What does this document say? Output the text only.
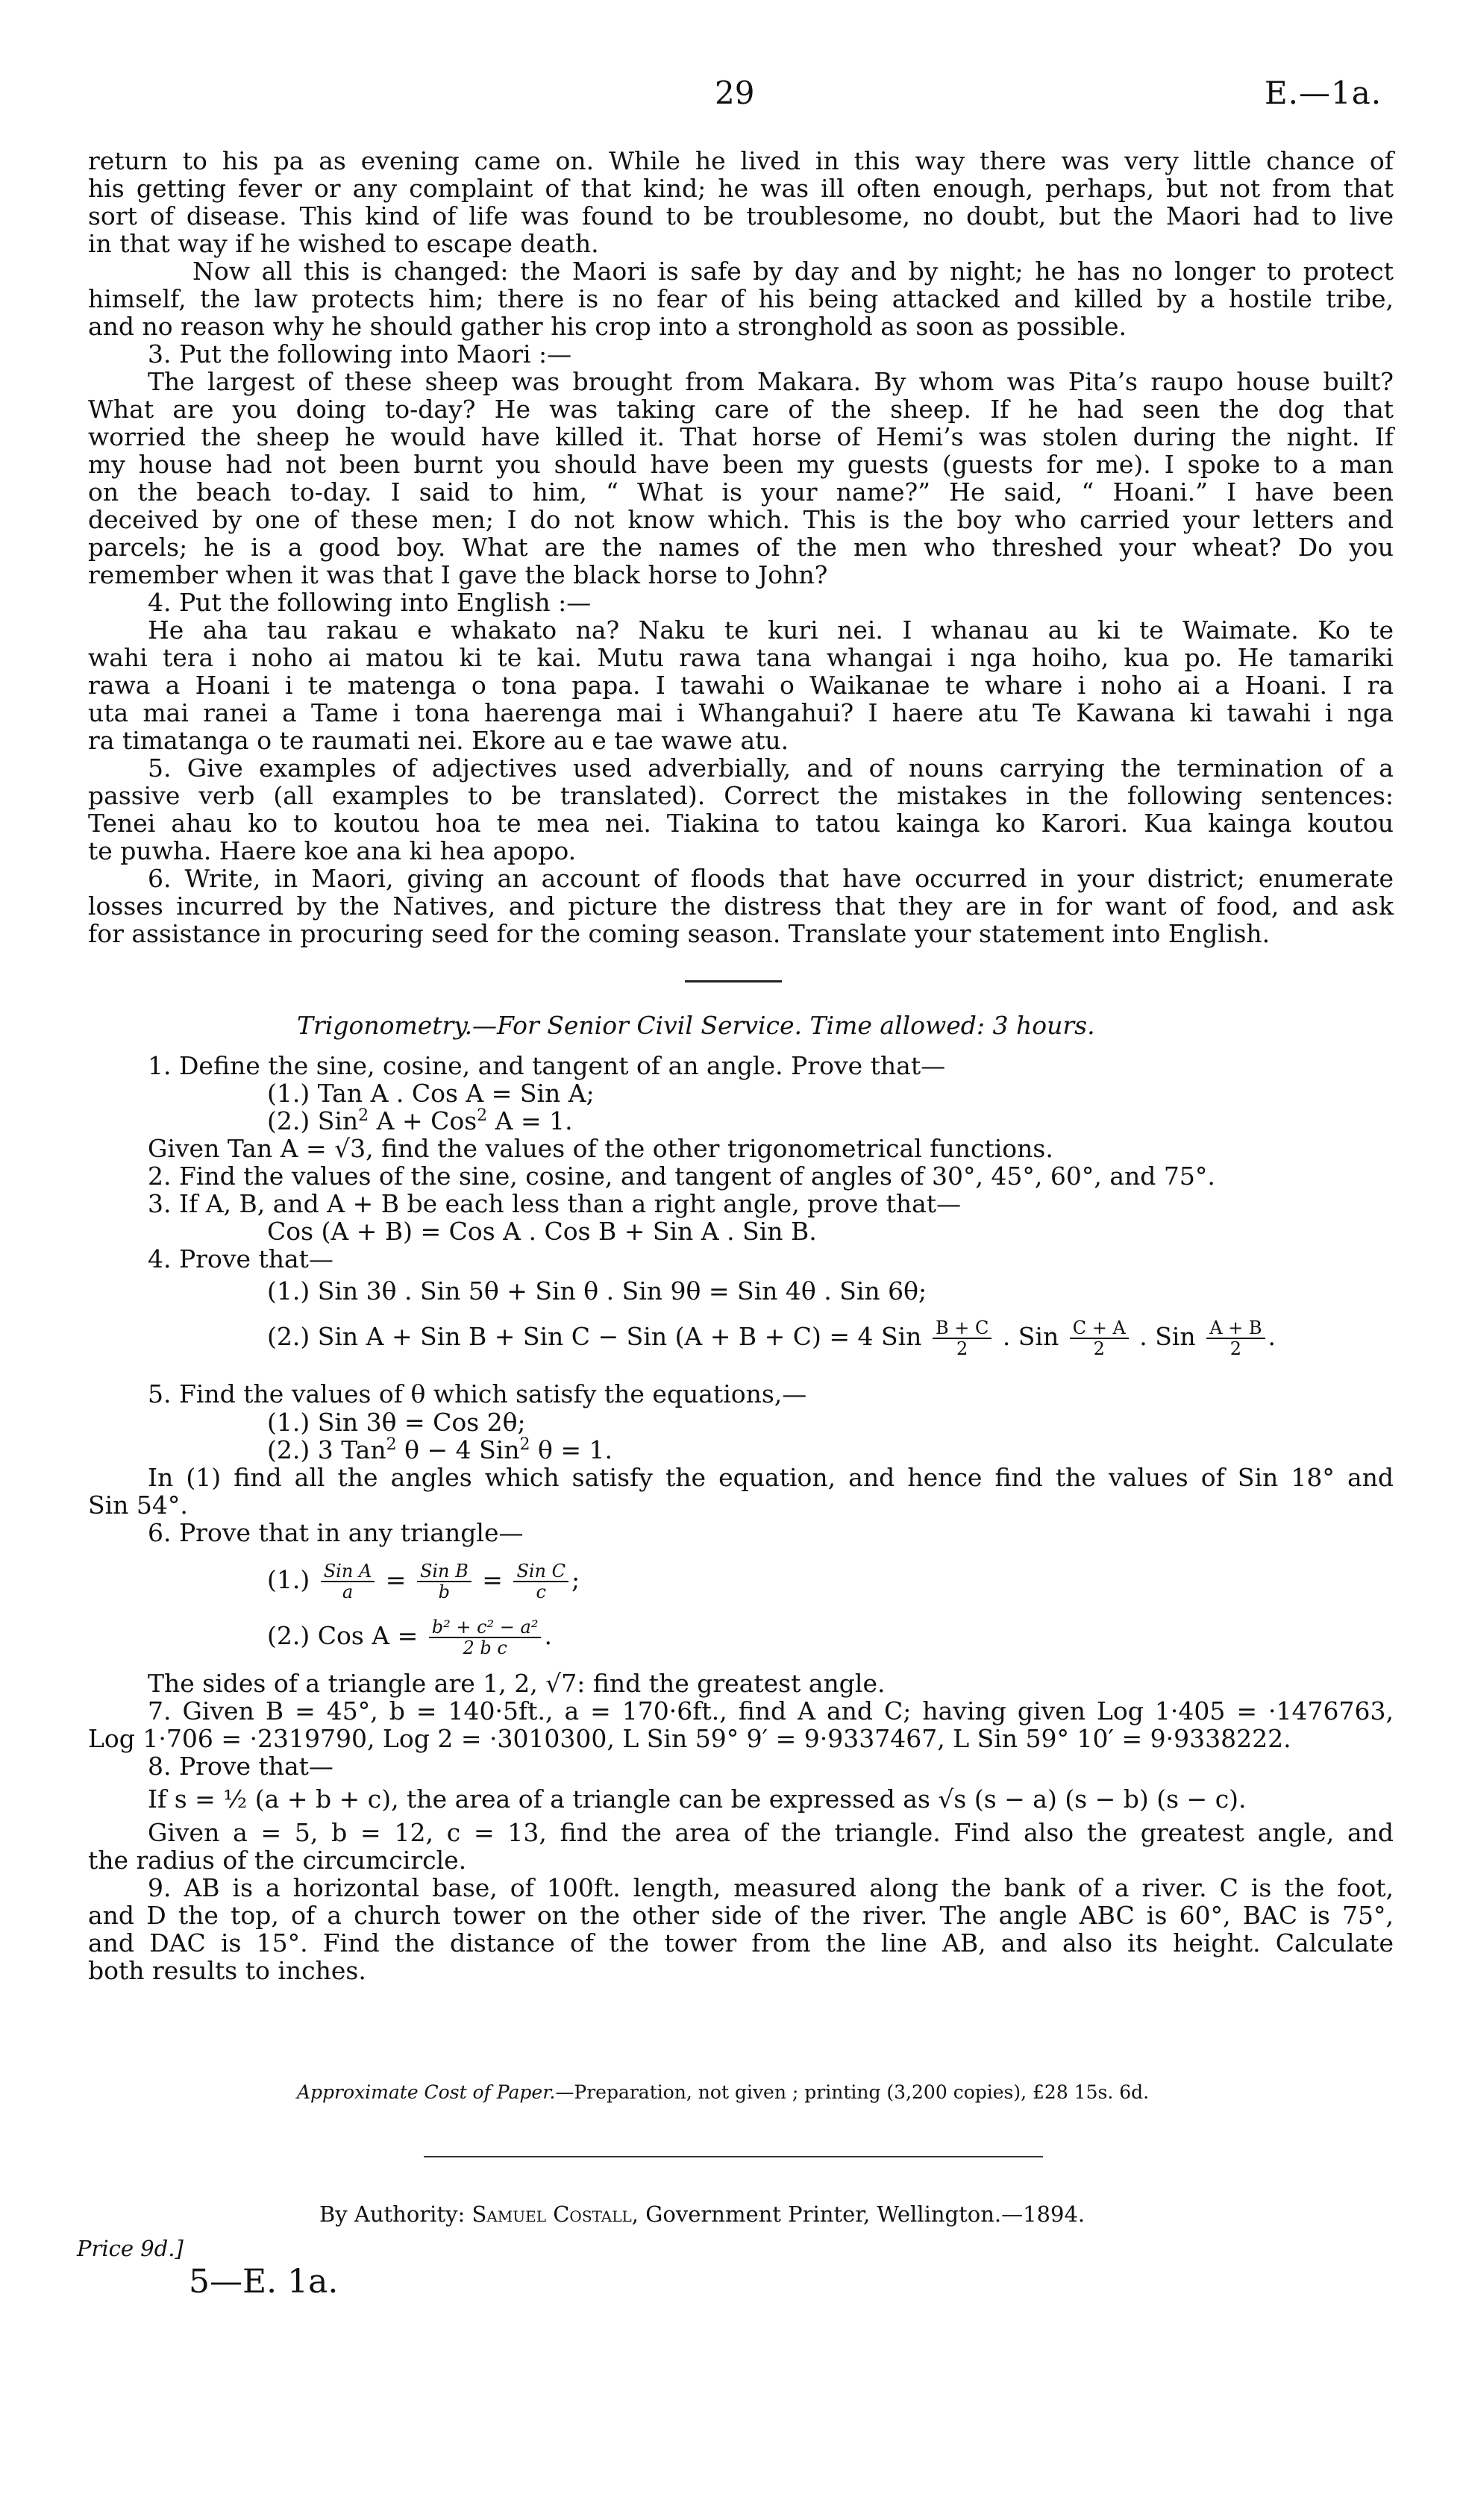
29	E.—1a.
return to his pa as evening came on. While he lived in this way there was very little chance of
his getting fever or any complaint of that kind; he was ill often enough, perhaps, but not from that
sort of disease. This kind of life was found to be troublesome, no doubt, but the Maori had to live
in that way if he wished to escape death.
Now all this is changed: the Maori is safe by day and by night; he has no longer to protect
himself, the law protects him; there is no fear of his being attacked and killed by a hostile tribe,
and no reason why he should gather his crop into a stronghold as soon as possible.
3. Put the following into Maori :—
The largest of these sheep was brought from Makara. By whom was Pita’s raupo house built?
What are you doing to-day? He was taking care of the sheep. If he had seen the dog that
worried the sheep he would have killed it. That horse of Hemi’s was stolen during the night. If
my house had not been burnt you should have been my guests (guests for me). I spoke to a man
on the beach to-day. I said to him, “ What is your name?” He said, “ Hoani.” I have been
deceived by one of these men; I do not know which. This is the boy who carried your letters and
parcels; he is a good boy. What are the names of the men who threshed your wheat? Do you
remember when it was that I gave the black horse to John?
4. Put the following into English :—
He aha tau rakau e whakato na? Naku te kuri nei. I whanau au ki te Waimate. Ko te
wahi tera i noho ai matou ki te kai. Mutu rawa tana whangai i nga hoiho, kua po. He tamariki
rawa a Hoani i te matenga o tona papa. I tawahi o Waikanae te whare i noho ai a Hoani. I ra
uta mai ranei a Tame i tona haerenga mai i Whangahui? I haere atu Te Kawana ki tawahi i nga
ra timatanga o te raumati nei. Ekore au e tae wawe atu.
5. Give examples of adjectives used adverbially, and of nouns carrying the termination of a
passive verb (all examples to be translated). Correct the mistakes in the following sentences:
Tenei ahau ko to koutou hoa te mea nei. Tiakina to tatou kainga ko Karori. Kua kainga koutou
te puwha. Haere koe ana ki hea apopo.
6. Write, in Maori, giving an account of floods that have occurred in your district; enumerate
losses incurred by the Natives, and picture the distress that they are in for want of food, and ask
for assistance in procuring seed for the coming season. Translate your statement into English.
Trigonometry.—For Senior Civil Service. Time allowed: 3 hours.
1. Define the sine, cosine, and tangent of an angle. Prove that—
(1.) Tan A . Cos A = Sin A;
(2.) Sin$^2$ A + Cos$^2$ A = 1.
Given Tan A = √3, find the values of the other trigonometrical functions.
2. Find the values of the sine, cosine, and tangent of angles of 30°, 45°, 60°, and 75°.
3. If A, B, and A + B be each less than a right angle, prove that—
Cos (A + B) = Cos A . Cos B + Sin A . Sin B.
4. Prove that—
(1.) Sin 3θ . Sin 5θ + Sin θ . Sin 9θ = Sin 4θ . Sin 6θ;
(2.) Sin A + Sin B + Sin C − Sin (A + B + C) = 4 Sin $\frac{B + C}{2}$ . Sin $\frac{C + A}{2}$ . Sin $\frac{A + B}{2}$ .
5. Find the values of θ which satisfy the equations,—
(1.) Sin 3θ = Cos 2θ;
(2.) 3 Tan$^2$ θ − 4 Sin$^2$ θ = 1.
In (1) find all the angles which satisfy the equation, and hence find the values of Sin 18° and
Sin 54°.
6. Prove that in any triangle—
$(1.) \frac{\text{Sin A}}{a} = \frac{\text{Sin B}}{b} = \frac{\text{Sin C}}{c}$ ;
(2.) Cos $A = \frac{\text{b² + c² − a²}}{\text{2 b c}}$ .
The sides of a triangle are 1, 2, √7: find the greatest angle.
7. Given B = 45°, b = 140·5ft., a = 170·6ft., find A and C; having given Log 1·405 = ·1476763,
Log 1·706 = ·2319790, Log 2 = ·3010300, L Sin 59° 9′ = 9·9337467, L Sin 59° 10′ = 9·9338222.
8. Prove that—
If s = ½ (a + b + c), the area of a triangle can be expressed as √s (s − a) (s − b) (s − c).
Given a = 5, b = 12, c = 13, find the area of the triangle. Find also the greatest angle, and
the radius of the circumcircle.
9. AB is a horizontal base, of 100ft. length, measured along the bank of a river. C is the foot,
and D the top, of a church tower on the other side of the river. The angle ABC is 60°, BAC is 75°,
and DAC is 15°. Find the distance of the tower from the line AB, and also its height. Calculate
both results to inches.
Approximate Cost of Paper.—Preparation, not given ; printing (3,200 copies), £28 15s. 6d.
By Authority: Samuel Costall, Government Printer, Wellington.—1894.
Price 9d.]
5—E. 1a.
